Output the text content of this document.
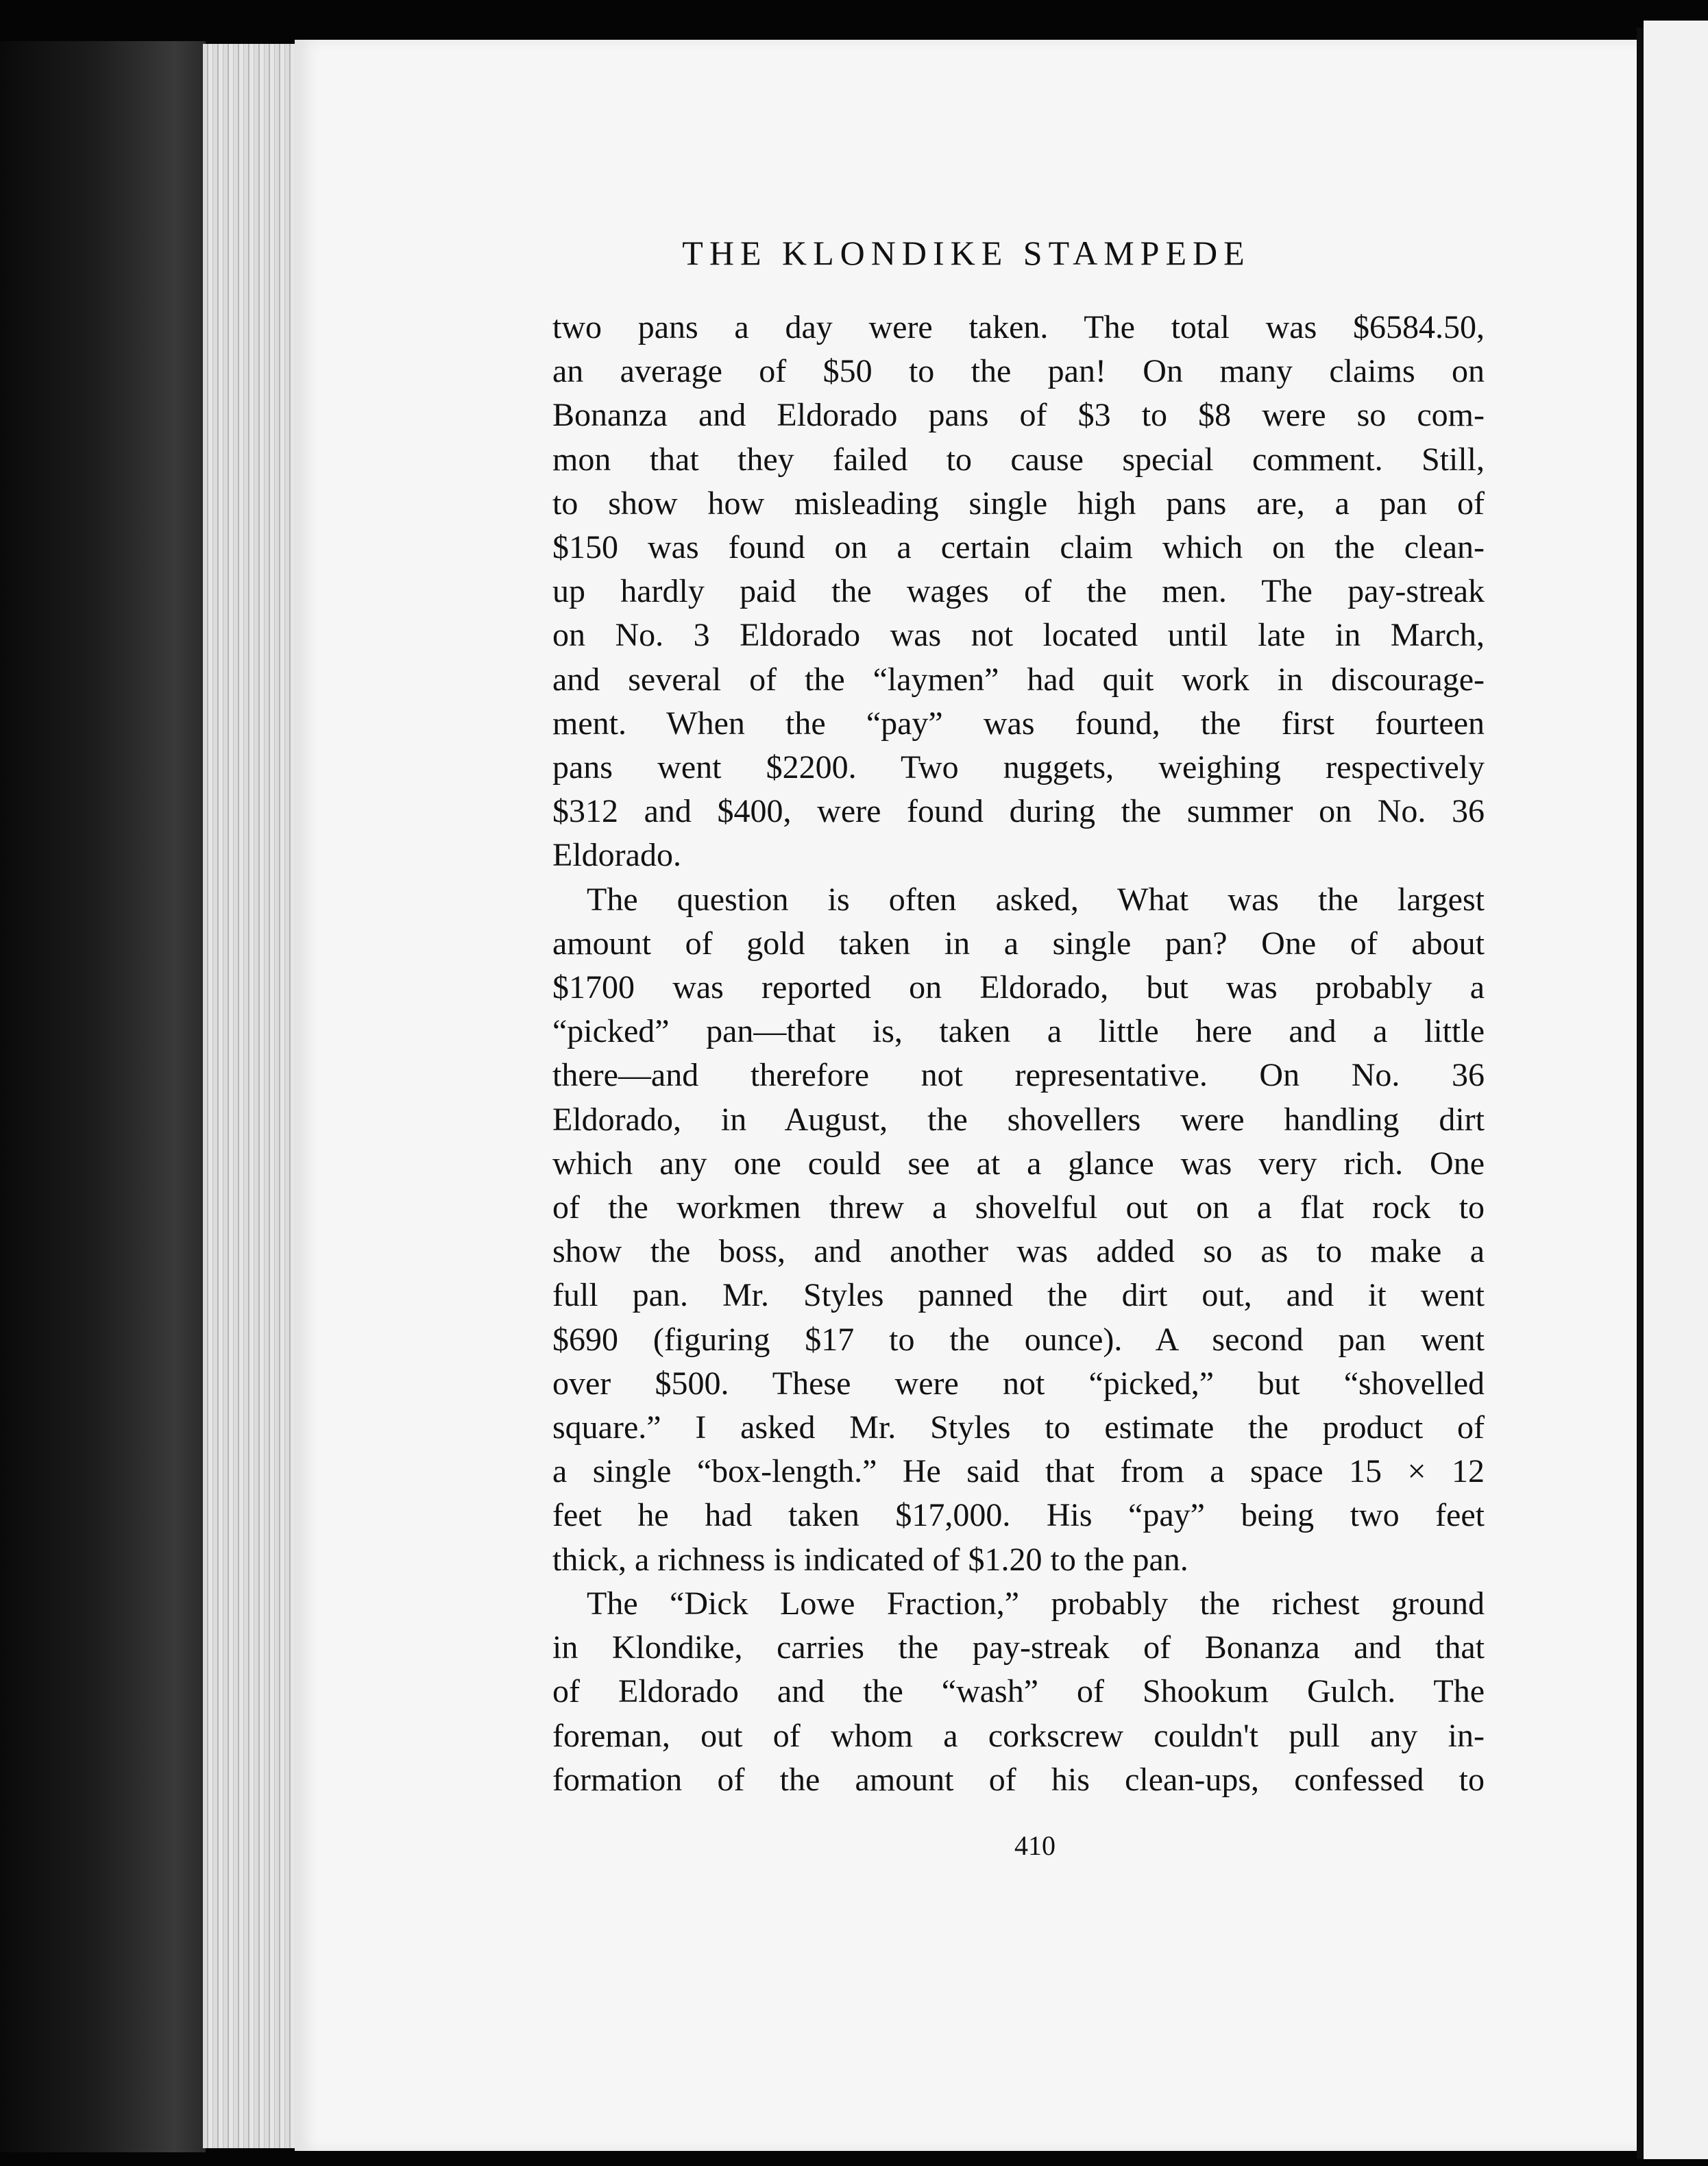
THE KLONDIKE STAMPEDE
two pans a day were taken. The total was $6584.50,
an average of $50 to the pan! On many claims on
Bonanza and Eldorado pans of $3 to $8 were so com-
mon that they failed to cause special comment. Still,
to show how misleading single high pans are, a pan of
$150 was found on a certain claim which on the clean-
up hardly paid the wages of the men. The pay-streak
on No. 3 Eldorado was not located until late in March,
and several of the “laymen” had quit work in discourage-
ment. When the “pay” was found, the first fourteen
pans went $2200. Two nuggets, weighing respectively
$312 and $400, were found during the summer on No. 36
Eldorado.
The question is often asked, What was the largest
amount of gold taken in a single pan? One of about
$1700 was reported on Eldorado, but was probably a
“picked” pan—that is, taken a little here and a little
there—and therefore not representative. On No. 36
Eldorado, in August, the shovellers were handling dirt
which any one could see at a glance was very rich. One
of the workmen threw a shovelful out on a flat rock to
show the boss, and another was added so as to make a
full pan. Mr. Styles panned the dirt out, and it went
$690 (figuring $17 to the ounce). A second pan went
over $500. These were not “picked,” but “shovelled
square.” I asked Mr. Styles to estimate the product of
a single “box-length.” He said that from a space 15 × 12
feet he had taken $17,000. His “pay” being two feet
thick, a richness is indicated of $1.20 to the pan.
The “Dick Lowe Fraction,” probably the richest ground
in Klondike, carries the pay-streak of Bonanza and that
of Eldorado and the “wash” of Shookum Gulch. The
foreman, out of whom a corkscrew couldn't pull any in-
formation of the amount of his clean-ups, confessed to
410
